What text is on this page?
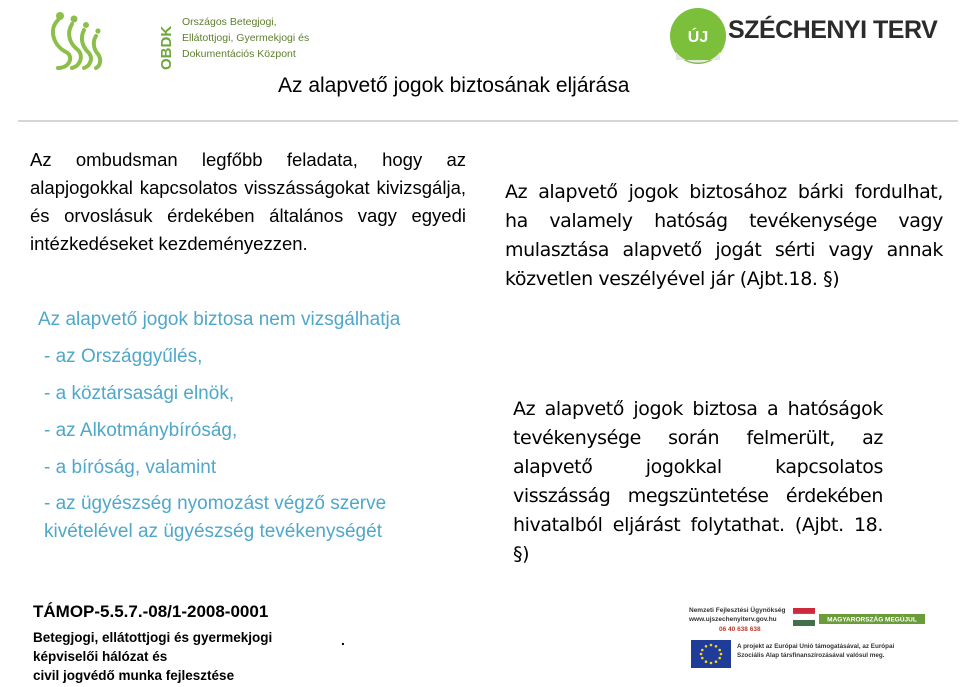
OBDK
Országos Betegjogi,
Ellátottjogi, Gyermekjogi és
Dokumentációs Központ
ÚJ SZÉCHENYI TERV
Az alapvető jogok biztosának eljárása
Az ombudsman legfőbb feladata, hogy az alapjogokkal kapcsolatos visszásságokat kivizsgálja, és orvoslásuk érdekében általános vagy egyedi intézkedéseket kezdeményezzen.
Az alapvető jogok biztosa nem vizsgálhatja
- az Országgyűlés,
- a köztársasági elnök,
- az Alkotmánybíróság,
- a bíróság, valamint
- az ügyészség nyomozást végző szerve kivételével az ügyészség tevékenységét
Az alapvető jogok biztosához bárki fordulhat, ha valamely hatóság tevékenysége vagy mulasztása alapvető jogát sérti vagy annak közvetlen veszélyével jár (Ajbt.18. §)
Az alapvető jogok biztosa a hatóságok tevékenysége során felmerült, az alapvető jogokkal kapcsolatos visszásság megszüntetése érdekében hivatalból eljárást folytathat. (Ajbt. 18. §)
TÁMOP-5.5.7.-08/1-2008-0001
Betegjogi, ellátottjogi és gyermekjogi
képviselői hálózat és
civil jogvédő munka fejlesztése
.
Nemzeti Fejlesztési Ügynökség
www.ujszechenyiterv.gov.hu
06 40 638 638
MAGYARORSZÁG MEGÚJUL
A projekt az Európai Unió támogatásával, az Európai Szociális Alap társfinanszírozásával valósul meg.
